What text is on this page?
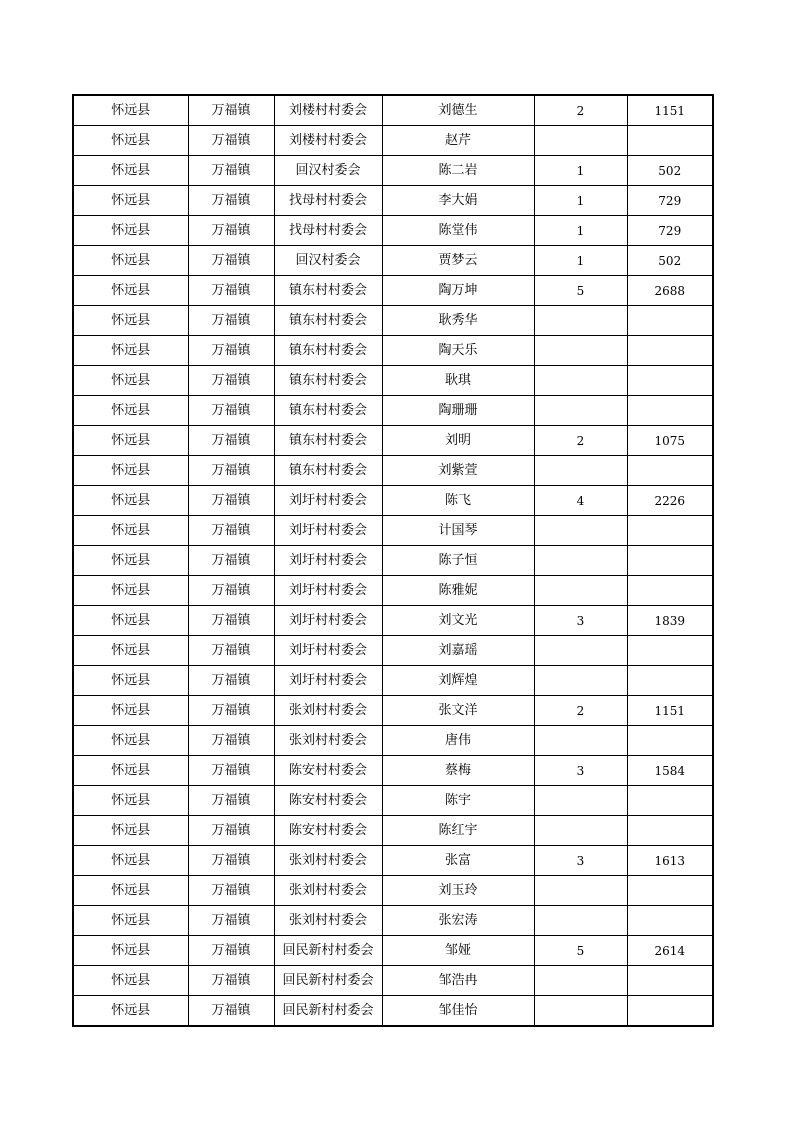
怀远县	万福镇	刘楼村村委会	刘德生	2	1151
怀远县	万福镇	刘楼村村委会	赵芹		
怀远县	万福镇	回汉村委会	陈二岩	1	502
怀远县	万福镇	找母村村委会	李大娟	1	729
怀远县	万福镇	找母村村委会	陈堂伟	1	729
怀远县	万福镇	回汉村委会	贾梦云	1	502
怀远县	万福镇	镇东村村委会	陶万坤	5	2688
怀远县	万福镇	镇东村村委会	耿秀华		
怀远县	万福镇	镇东村村委会	陶天乐		
怀远县	万福镇	镇东村村委会	耿琪		
怀远县	万福镇	镇东村村委会	陶珊珊		
怀远县	万福镇	镇东村村委会	刘明	2	1075
怀远县	万福镇	镇东村村委会	刘紫萱		
怀远县	万福镇	刘圩村村委会	陈飞	4	2226
怀远县	万福镇	刘圩村村委会	计国琴		
怀远县	万福镇	刘圩村村委会	陈子恒		
怀远县	万福镇	刘圩村村委会	陈雅妮		
怀远县	万福镇	刘圩村村委会	刘文光	3	1839
怀远县	万福镇	刘圩村村委会	刘嘉瑶		
怀远县	万福镇	刘圩村村委会	刘辉煌		
怀远县	万福镇	张刘村村委会	张文洋	2	1151
怀远县	万福镇	张刘村村委会	唐伟		
怀远县	万福镇	陈安村村委会	蔡梅	3	1584
怀远县	万福镇	陈安村村委会	陈宇		
怀远县	万福镇	陈安村村委会	陈红宇		
怀远县	万福镇	张刘村村委会	张富	3	1613
怀远县	万福镇	张刘村村委会	刘玉玲		
怀远县	万福镇	张刘村村委会	张宏涛		
怀远县	万福镇	回民新村村委会	邹娅	5	2614
怀远县	万福镇	回民新村村委会	邹浩冉		
怀远县	万福镇	回民新村村委会	邹佳怡		
